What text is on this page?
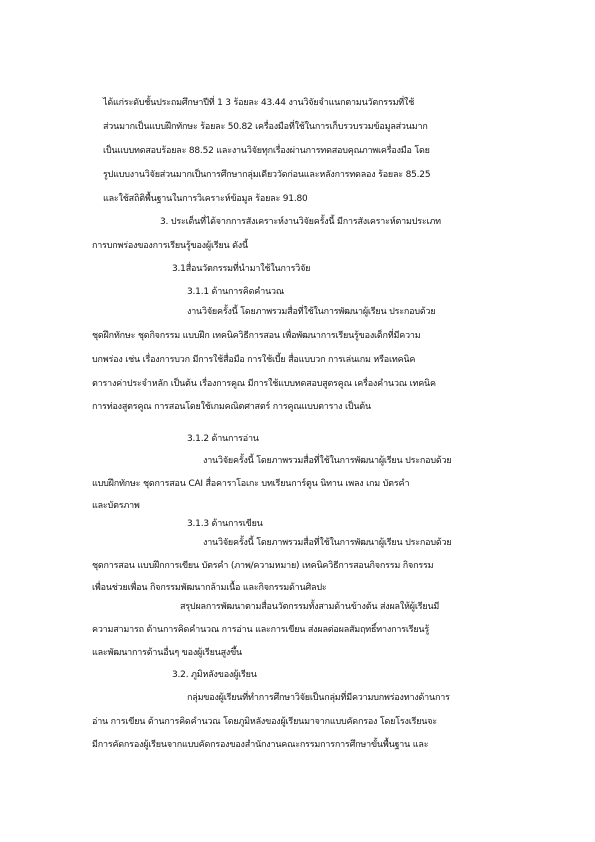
ได้แก่ระดับชั้นประถมศึกษาปีที่ 1 3 ร้อยละ 43.44 งานวิจัยจำแนกตามนวัตกรรมที่ใช้
ส่วนมากเป็นแบบฝึกทักษะ ร้อยละ 50.82 เครื่องมือที่ใช้ในการเก็บรวบรวมข้อมูลส่วนมาก
เป็นแบบทดสอบร้อยละ 88.52 และงานวิจัยทุกเรื่องผ่านการทดสอบคุณภาพเครื่องมือ โดย
รูปแบบงานวิจัยส่วนมากเป็นการศึกษากลุ่มเดียววัดก่อนและหลังการทดลอง ร้อยละ 85.25
และใช้สถิติพื้นฐานในการวิเคราะห์ข้อมูล ร้อยละ 91.80
3. ประเด็นที่ได้จากการสังเคราะห์งานวิจัยครั้งนี้ มีการสังเคราะห์ตามประเภท
การบกพร่องของการเรียนรู้ของผู้เรียน ดังนี้
3.1สื่อนวัตกรรมที่นำมาใช้ในการวิจัย
3.1.1 ด้านการคิดคำนวณ
งานวิจัยครั้งนี้ โดยภาพรวมสื่อที่ใช้ในการพัฒนาผู้เรียน ประกอบด้วย
ชุดฝึกทักษะ ชุดกิจกรรม แบบฝึก เทคนิควิธีการสอน เพื่อพัฒนาการเรียนรู้ของเด็กที่มีความ
บกพร่อง เช่น เรื่องการบวก มีการใช้สื่อมือ การใช้เบี้ย สื่อแบบวก การเล่นเกม หรือเทคนิค
ตารางค่าประจำหลัก เป็นต้น เรื่องการคูณ มีการใช้แบบทดสอบสูตรคูณ เครื่องคำนวณ เทคนิค
การท่องสูตรคูณ การสอนโดยใช้เกมคณิตศาสตร์ การคูณแบบตาราง เป็นต้น
3.1.2 ด้านการอ่าน
งานวิจัยครั้งนี้ โดยภาพรวมสื่อที่ใช้ในการพัฒนาผู้เรียน ประกอบด้วย
แบบฝึกทักษะ ชุดการสอน CAI สื่อคาราโอเกะ บทเรียนการ์ตูน นิทาน เพลง เกม บัตรคำ
และบัตรภาพ
3.1.3 ด้านการเขียน
งานวิจัยครั้งนี้ โดยภาพรวมสื่อที่ใช้ในการพัฒนาผู้เรียน ประกอบด้วย
ชุดการสอน แบบฝึกการเขียน บัตรคำ (ภาพ/ความหมาย) เทคนิควิธีการสอนกิจกรรม กิจกรรม
เพื่อนช่วยเพื่อน กิจกรรมพัฒนากล้ามเนื้อ และกิจกรรมด้านศิลปะ
สรุปผลการพัฒนาตามสื่อนวัตกรรมทั้งสามด้านข้างต้น ส่งผลให้ผู้เรียนมี
ความสามารถ ด้านการคิดคำนวณ การอ่าน และการเขียน ส่งผลต่อผลสัมฤทธิ์ทางการเรียนรู้
และพัฒนาการด้านอื่นๆ ของผู้เรียนสูงขึ้น
3.2. ภูมิหลังของผู้เรียน
กลุ่มของผู้เรียนที่ทำการศึกษาวิจัยเป็นกลุ่มที่มีความบกพร่องทางด้านการ
อ่าน การเขียน ด้านการคิดคำนวณ โดยภูมิหลังของผู้เรียนมาจากแบบคัดกรอง โดยโรงเรียนจะ
มีการคัดกรองผู้เรียนจากแบบคัดกรองของสำนักงานคณะกรรมการการศึกษาขั้นพื้นฐาน และ
